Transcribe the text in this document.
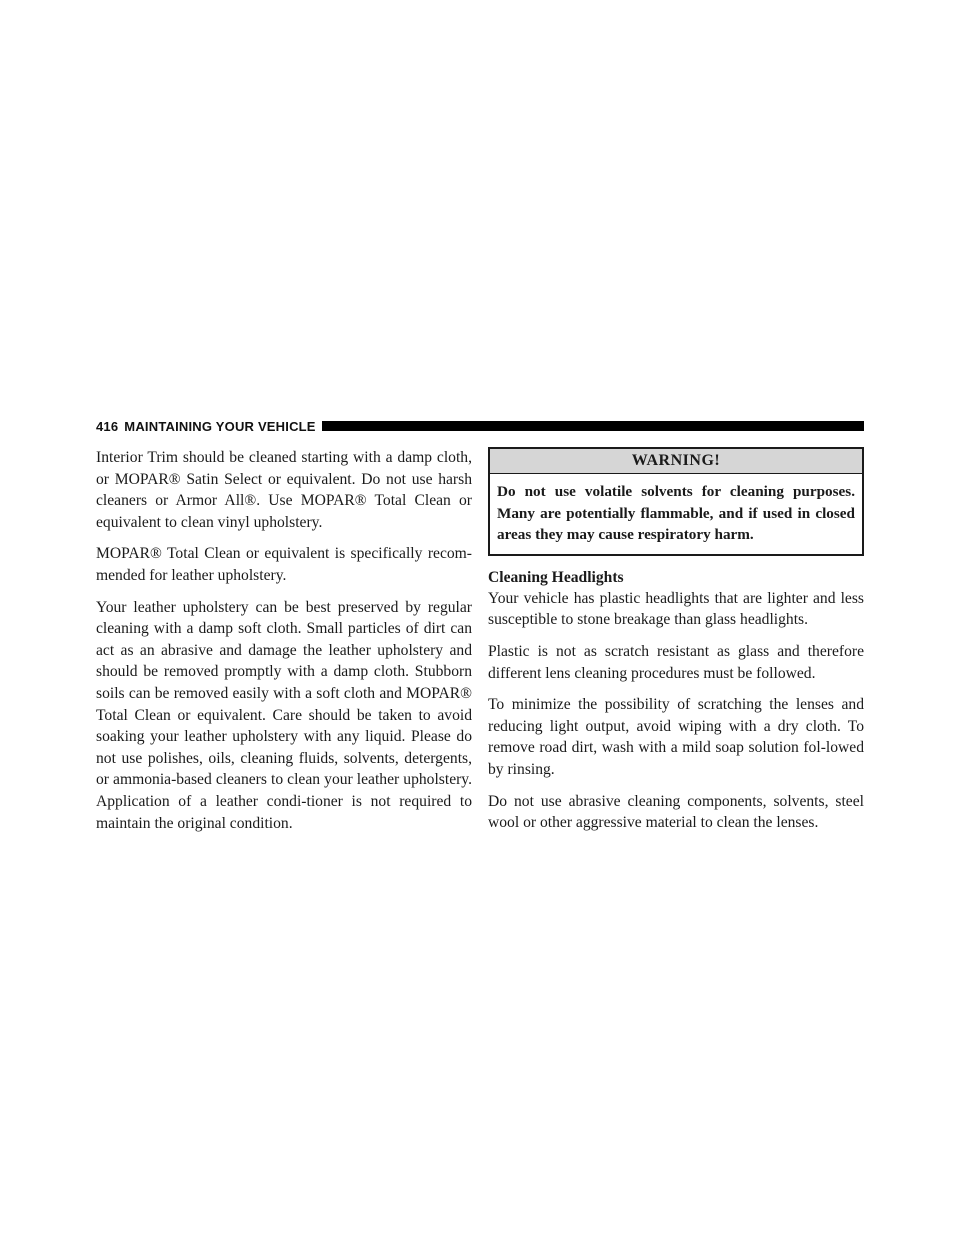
416 MAINTAINING YOUR VEHICLE

Interior Trim should be cleaned starting with a damp cloth, or MOPAR® Satin Select or equivalent. Do not use harsh cleaners or Armor All®. Use MOPAR® Total Clean or equivalent to clean vinyl upholstery.

MOPAR® Total Clean or equivalent is specifically recom-mended for leather upholstery.

Your leather upholstery can be best preserved by regular cleaning with a damp soft cloth. Small particles of dirt can act as an abrasive and damage the leather upholstery and should be removed promptly with a damp cloth. Stubborn soils can be removed easily with a soft cloth and MOPAR® Total Clean or equivalent. Care should be taken to avoid soaking your leather upholstery with any liquid. Please do not use polishes, oils, cleaning fluids, solvents, detergents, or ammonia-based cleaners to clean your leather upholstery. Application of a leather condi-tioner is not required to maintain the original condition.

WARNING!

Do not use volatile solvents for cleaning purposes. Many are potentially flammable, and if used in closed areas they may cause respiratory harm.

Cleaning Headlights

Your vehicle has plastic headlights that are lighter and less susceptible to stone breakage than glass headlights.

Plastic is not as scratch resistant as glass and therefore different lens cleaning procedures must be followed.

To minimize the possibility of scratching the lenses and reducing light output, avoid wiping with a dry cloth. To remove road dirt, wash with a mild soap solution fol-lowed by rinsing.

Do not use abrasive cleaning components, solvents, steel wool or other aggressive material to clean the lenses.
